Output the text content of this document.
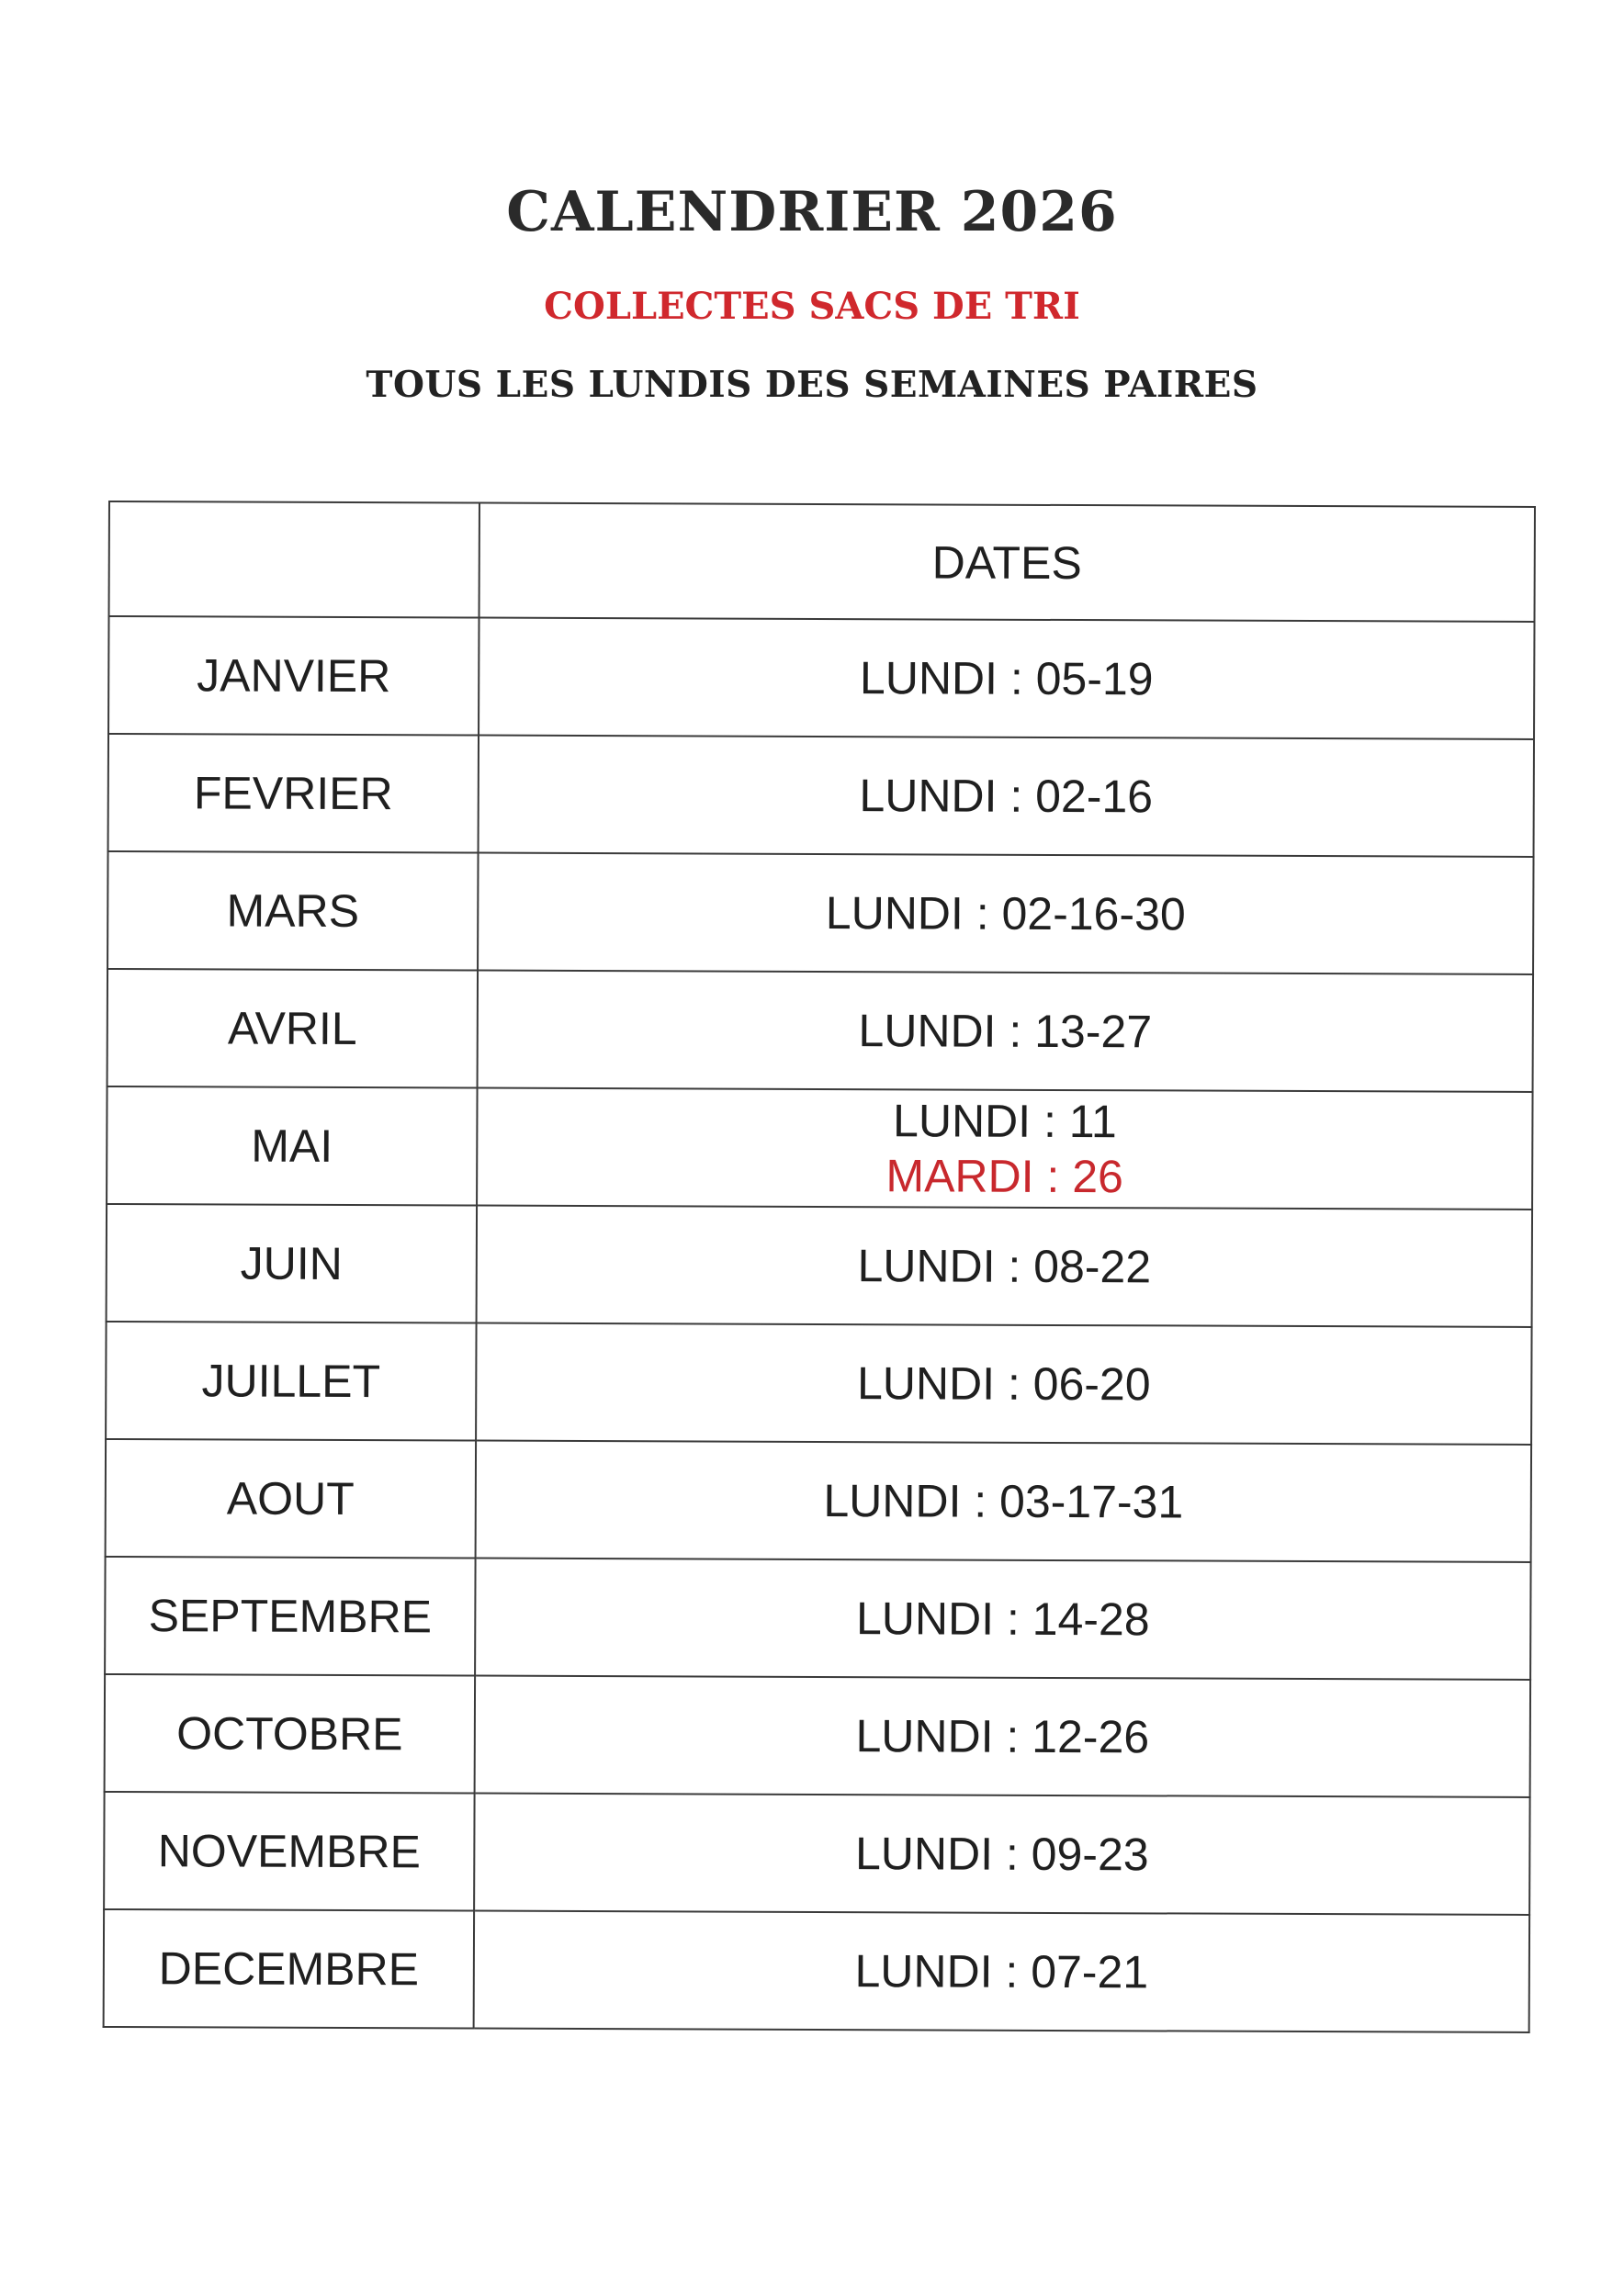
CALENDRIER 2026
COLLECTES SACS DE TRI
TOUS LES LUNDIS DES SEMAINES PAIRES
	DATES
JANVIER	LUNDI : 05-19
FEVRIER	LUNDI : 02-16
MARS	LUNDI : 02-16-30
AVRIL	LUNDI : 13-27
MAI	LUNDI : 11
MARDI : 26

JUIN	LUNDI : 08-22
JUILLET	LUNDI : 06-20
AOUT	LUNDI : 03-17-31
SEPTEMBRE	LUNDI : 14-28
OCTOBRE	LUNDI : 12-26
NOVEMBRE	LUNDI : 09-23
DECEMBRE	LUNDI : 07-21
